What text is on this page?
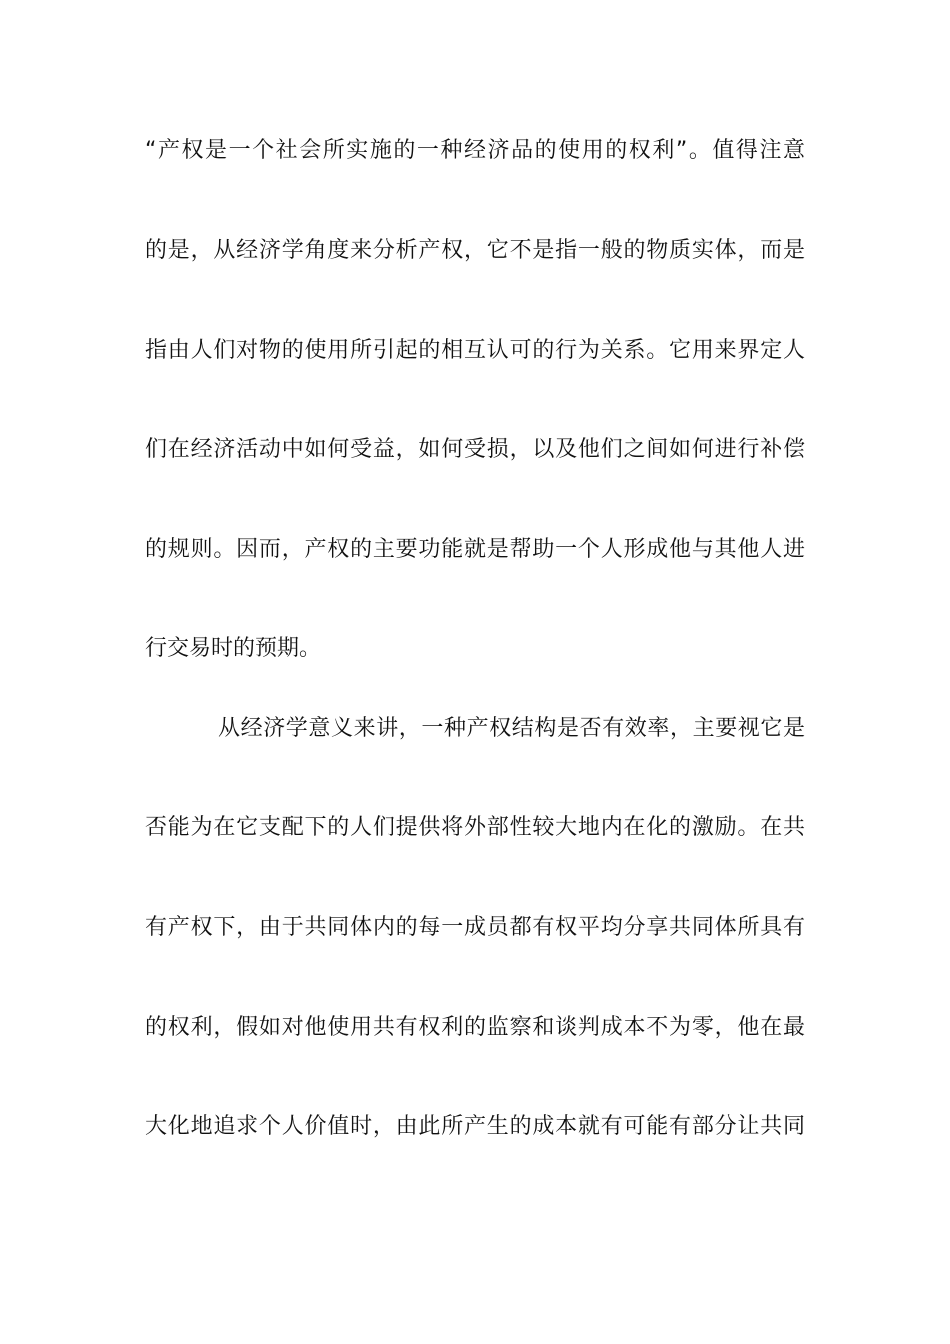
“产权是一个社会所实施的一种经济品的使用的权利”。值得注意
的是，从经济学角度来分析产权，它不是指一般的物质实体，而是
指由人们对物的使用所引起的相互认可的行为关系。它用来界定人
们在经济活动中如何受益，如何受损，以及他们之间如何进行补偿
的规则。因而，产权的主要功能就是帮助一个人形成他与其他人进
行交易时的预期。
从经济学意义来讲，一种产权结构是否有效率，主要视它是
否能为在它支配下的人们提供将外部性较大地内在化的激励。在共
有产权下，由于共同体内的每一成员都有权平均分享共同体所具有
的权利，假如对他使用共有权利的监察和谈判成本不为零，他在最
大化地追求个人价值时，由此所产生的成本就有可能有部分让共同
